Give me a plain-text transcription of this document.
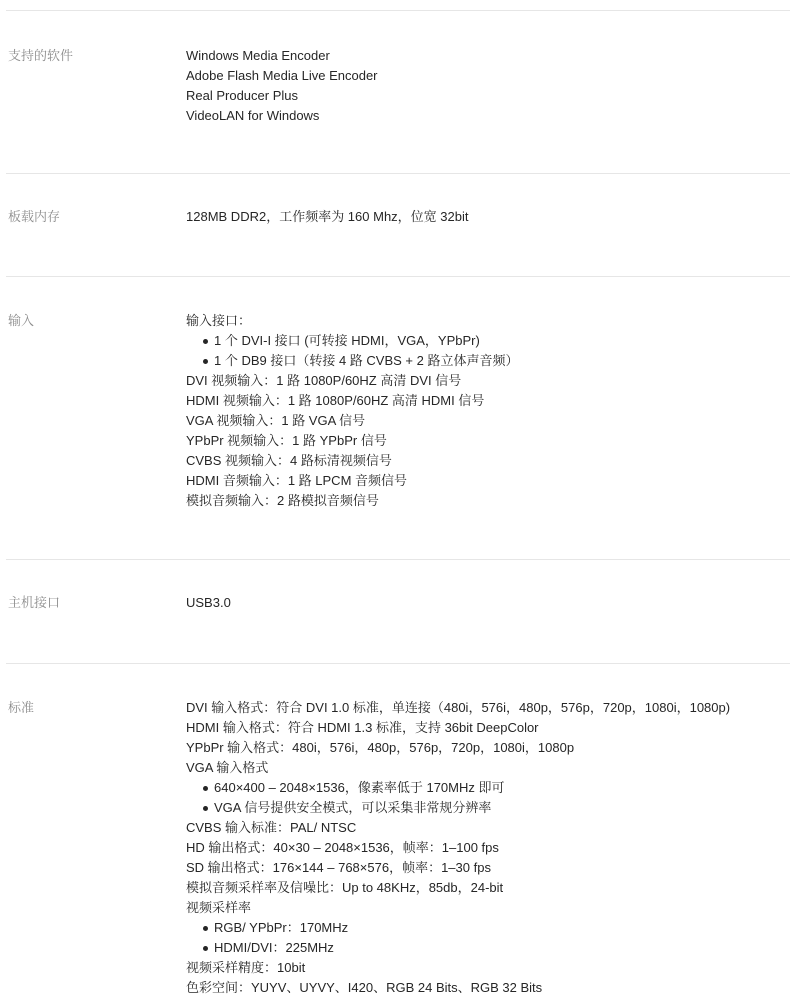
支持的软件	Windows Media Encoder
Adobe Flash Media Live Encoder
Real Producer Plus
VideoLAN for Windows
板载内存	128MB DDR2，工作频率为 160 Mhz，位宽 32bit
输入	输入接口：
1 个 DVI-I 接口 (可转接 HDMI，VGA，YPbPr)
1 个 DB9 接口（转接 4 路 CVBS + 2 路立体声音频）
DVI 视频输入：1 路 1080P/60HZ 高清 DVI 信号
HDMI 视频输入：1 路 1080P/60HZ 高清 HDMI 信号
VGA 视频输入：1 路 VGA 信号
YPbPr 视频输入：1 路 YPbPr 信号
CVBS 视频输入：4 路标清视频信号
HDMI 音频输入：1 路 LPCM 音频信号
模拟音频输入：2 路模拟音频信号
主机接口	USB3.0
标准	DVI 输入格式：符合 DVI 1.0 标准，单连接（480i，576i，480p，576p，720p，1080i，1080p)
HDMI 输入格式：符合 HDMI 1.3 标准，支持 36bit DeepColor
YPbPr 输入格式：480i，576i，480p，576p，720p，1080i，1080p
VGA 输入格式
640×400 – 2048×1536，像素率低于 170MHz 即可
VGA 信号提供安全模式，可以采集非常规分辨率
CVBS 输入标准：PAL/ NTSC
HD 输出格式：40×30 – 2048×1536，帧率：1–100 fps
SD 输出格式：176×144 – 768×576，帧率：1–30 fps
模拟音频采样率及信噪比：Up to 48KHz，85db，24-bit
视频采样率
RGB/ YPbPr：170MHz
HDMI/DVI：225MHz
视频采样精度：10bit
色彩空间：YUYV、UYVY、I420、RGB 24 Bits、RGB 32 Bits
